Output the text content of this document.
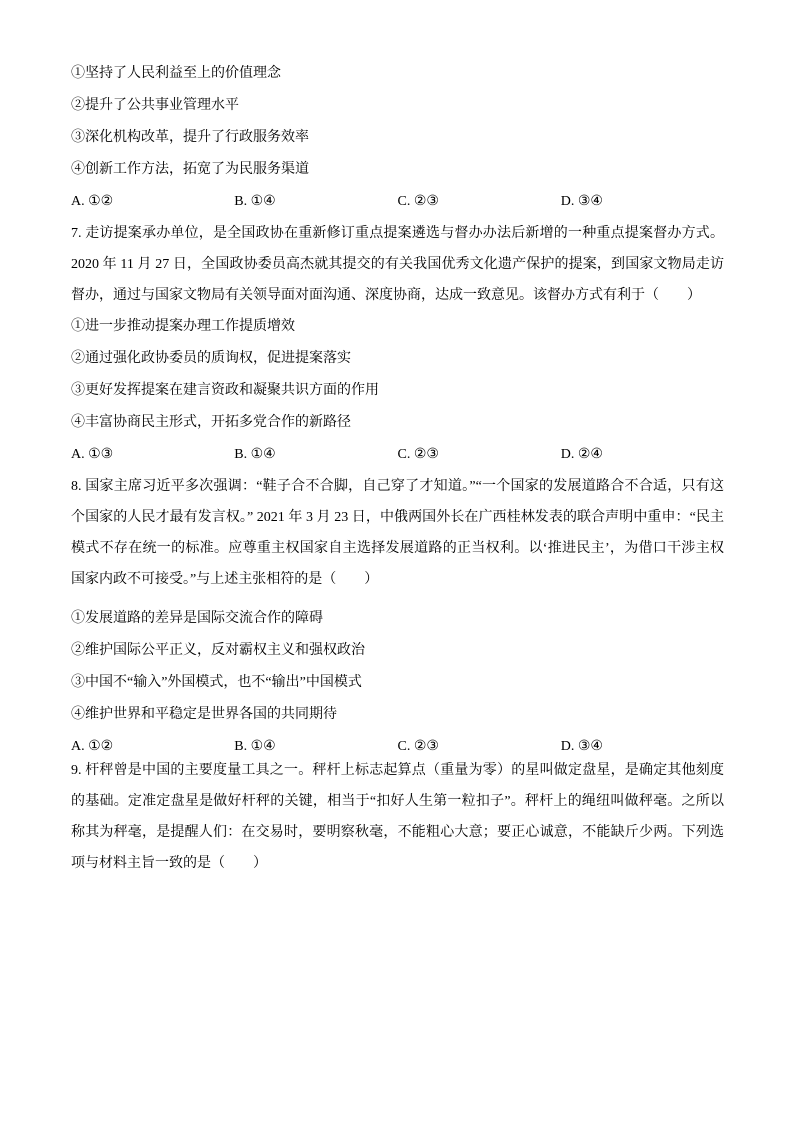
①坚持了人民利益至上的价值理念

②提升了公共事业管理水平

③深化机构改革，提升了行政服务效率

④创新工作方法，拓宽了为民服务渠道

A. ①②	B. ①④	C. ②③	D. ③④

7. 走访提案承办单位，是全国政协在重新修订重点提案遴选与督办办法后新增的一种重点提案督办方式。2020 年 11 月 27 日，全国政协委员高杰就其提交的有关我国优秀文化遗产保护的提案，到国家文物局走访督办，通过与国家文物局有关领导面对面沟通、深度协商，达成一致意见。该督办方式有利于（　　）

①进一步推动提案办理工作提质增效

②通过强化政协委员的质询权，促进提案落实

③更好发挥提案在建言资政和凝聚共识方面的作用

④丰富协商民主形式，开拓多党合作的新路径

A. ①③	B. ①④	C. ②③	D. ②④

8. 国家主席习近平多次强调：“鞋子合不合脚，自己穿了才知道。”“一个国家的发展道路合不合适，只有这个国家的人民才最有发言权。” 2021 年 3 月 23 日，中俄两国外长在广西桂林发表的联合声明中重申：“民主模式不存在统一的标准。应尊重主权国家自主选择发展道路的正当权利。以‘推进民主’，为借口干涉主权国家内政不可接受。”与上述主张相符的是（　　）

①发展道路的差异是国际交流合作的障碍

②维护国际公平正义，反对霸权主义和强权政治

③中国不“输入”外国模式，也不“输出”中国模式

④维护世界和平稳定是世界各国的共同期待

A. ①②	B. ①④	C. ②③	D. ③④

9. 杆秤曾是中国的主要度量工具之一。秤杆上标志起算点（重量为零）的星叫做定盘星，是确定其他刻度的基础。定准定盘星是做好杆秤的关键，相当于“扣好人生第一粒扣子”。秤杆上的绳纽叫做秤毫。之所以称其为秤毫，是提醒人们：在交易时，要明察秋毫，不能粗心大意；要正心诚意，不能缺斤少两。下列选项与材料主旨一致的是（　　）
